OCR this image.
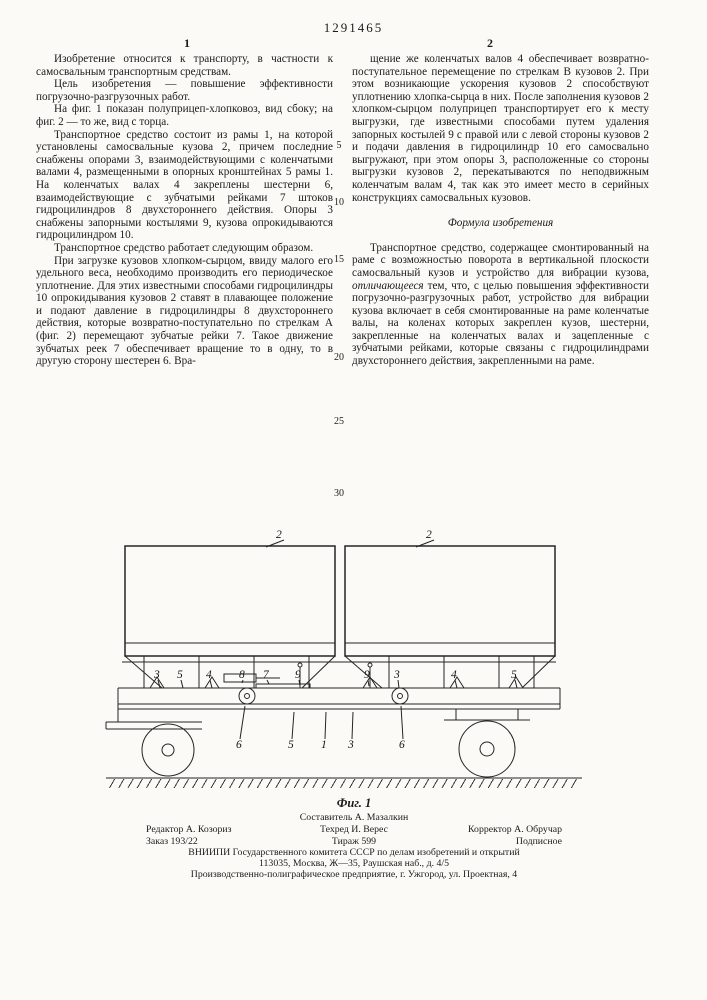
1291465
1	2

Изобретение относится к транспорту, в частности к самосвальным транспортным средствам.

Цель изобретения — повышение эффективности погрузочно-разгрузочных работ.

На фиг. 1 показан полуприцеп-хлопковоз, вид сбоку; на фиг. 2 — то же, вид с торца.

Транспортное средство состоит из рамы 1, на которой установлены самосвальные кузова 2, причем последние снабжены опорами 3, взаимодействующими с коленчатыми валами 4, размещенными в опорных кронштейнах 5 рамы 1. На коленчатых валах 4 закреплены шестерни 6, взаимодействующие с зубчатыми рейками 7 штоков гидроцилиндров 8 двухстороннего действия. Опоры 3 снабжены запорными костылями 9, кузова опрокидываются гидроцилиндром 10.

Транспортное средство работает следующим образом.

При загрузке кузовов хлопком-сырцом, ввиду малого его удельного веса, необходимо производить его периодическое уплотнение. Для этих известными способами гидроцилиндры 10 опрокидывания кузовов 2 ставят в плавающее положение и подают давление в гидроцилиндры 8 двухстороннего действия, которые возвратно-поступательно по стрелкам А (фиг. 2) перемещают зубчатые рейки 7. Такое движение зубчатых реек 7 обеспечивает вращение то в одну, то в другую сторону шестерен 6. Вра-

щение же коленчатых валов 4 обеспечивает возвратно-поступательное перемещение по стрелкам В кузовов 2. При этом возникающие ускорения кузовов 2 способствуют уплотнению хлопка-сырца в них. После заполнения кузовов 2 хлопком-сырцом полуприцеп транспортирует его к месту выгрузки, где известными способами путем удаления запорных костылей 9 с правой или с левой стороны кузовов 2 и подачи давления в гидроцилиндр 10 его самосвально выгружают, при этом опоры 3, расположенные со стороны выгрузки кузовов 2, перекатываются по неподвижным коленчатым валам 4, так как это имеет место в серийных конструкциях самосвальных кузовов.

Формула изобретения

Транспортное средство, содержащее смонтированный на раме с возможностью поворота в вертикальной плоскости самосвальный кузов и устройство для вибрации кузова, отличающееся тем, что, с целью повышения эффективности погрузочно-разгрузочных работ, устройство для вибрации кузова включает в себя смонтированные на раме коленчатые валы, на коленах которых закреплен кузов, шестерни, закрепленные на коленчатых валах и зацепленные с зубчатыми рейками, которые связаны с гидроцилиндрами двухстороннего действия, закрепленными на раме.

5
10
15
20
25
30
2	2
3 5 4 8 7 9	9 3	4	5
6	5 1 3	6
Фиг. 1
Составитель А. Мазалкин
Редактор А. Козориз	Техред И. Верес	Корректор А. Обручар
Заказ 193/22	Тираж 599	Подписное
ВНИИПИ Государственного комитета СССР по делам изобретений и открытий
113035, Москва, Ж—35, Раушская наб., д. 4/5
Производственно-полиграфическое предприятие, г. Ужгород, ул. Проектная, 4
